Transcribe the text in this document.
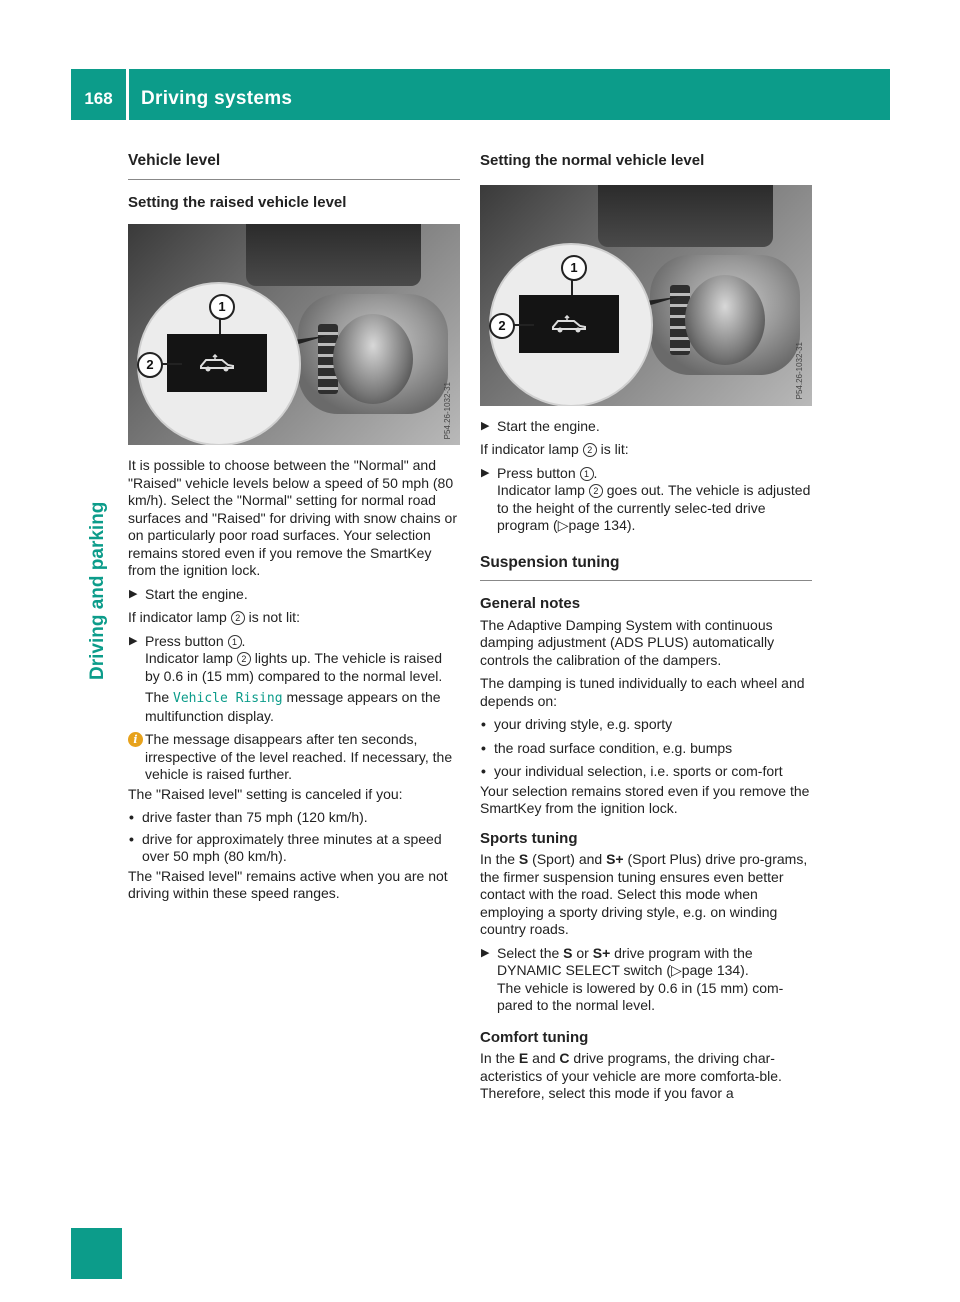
168	Driving systems
Driving and parking
Vehicle level
Setting the raised vehicle level
1
2
P54.26-1032-31

It is possible to choose between the "Normal" and "Raised" vehicle levels below a speed of 50 mph (80 km/h). Select the "Normal" setting for normal road surfaces and "Raised" for driving with snow chains or on particularly poor road surfaces. Your selection remains stored even if you remove the SmartKey from the ignition lock.

▶ Start the engine.

If indicator lamp 2 is not lit:

▶ Press button 1 .
Indicator lamp 2 lights up. The vehicle is raised by 0.6 in (15 mm) compared to the normal level.
The Vehicle Rising message appears on the multifunction display.
i The message disappears after ten seconds, irrespective of the level reached. If necessary, the vehicle is raised further.

The "Raised level" setting is canceled if you:

• drive faster than 75 mph (120 km/h).
• drive for approximately three minutes at a speed over 50 mph (80 km/h).

The "Raised level" remains active when you are not driving within these speed ranges.

Setting the normal vehicle level
1
2
P54.26-1032-31
▶ Start the engine.

If indicator lamp 2 is lit:

▶ Press button 1 .
Indicator lamp 2 goes out. The vehicle is adjusted to the height of the currently selec-ted drive program (▷page 134).
Suspension tuning
General notes

The Adaptive Damping System with continuous damping adjustment (ADS PLUS) automatically controls the calibration of the dampers.

The damping is tuned individually to each wheel and depends on:

• your driving style, e.g. sporty
• the road surface condition, e.g. bumps
• your individual selection, i.e. sports or com-fort

Your selection remains stored even if you remove the SmartKey from the ignition lock.

Sports tuning

In the S (Sport) and S+ (Sport Plus) drive pro-grams, the firmer suspension tuning ensures even better contact with the road. Select this mode when employing a sporty driving style, e.g. on winding country roads.

▶ Select the S or S+ drive program with the DYNAMIC SELECT switch (▷page 134).
The vehicle is lowered by 0.6 in (15 mm) com-pared to the normal level.
Comfort tuning

In the E and C drive programs, the driving char-acteristics of your vehicle are more comforta-ble. Therefore, select this mode if you favor a
